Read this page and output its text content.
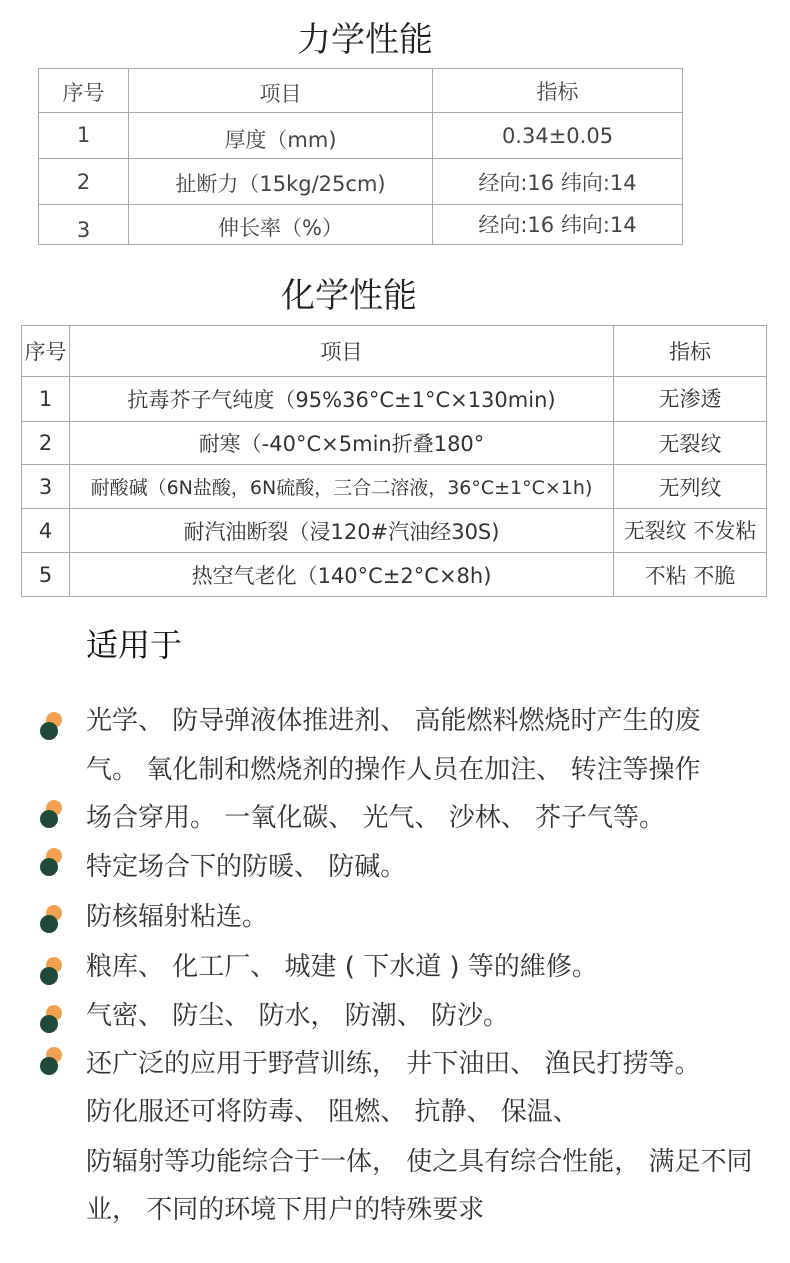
力学性能
序号	项目	指标
1	厚度（mm)	0.34±0.05
2	扯断力（15kg/25cm)	经向:16 纬向:14
3	伸长率（%）	经向:16 纬向:14
化学性能
序号	项目	指标
1	抗毒芥子气纯度（95%36°C±1°C×130min)	无渗透
2	耐寒（-40°C×5min折叠180°	无裂纹
3	耐酸碱（6N盐酸，6N硫酸，三合二溶液，36°C±1°C×1h)	无列纹
4	耐汽油断裂（浸120#汽油经30S)	无裂纹 不发粘
5	热空气老化（140°C±2°C×8h)	不粘 不脆
适用于

光学、 防导弹液体推进剂、 高能燃料燃烧时产生的废

气。 氧化制和燃烧剂的操作人员在加注、 转注等操作

场合穿用。 一氧化碳、 光气、 沙林、 芥子气等。

特定场合下的防暖、 防碱。

防核辐射粘连。

粮库、 化工厂、 城建 ( 下水道 ) 等的維修。

气密、 防尘、 防水， 防潮、 防沙。

还广泛的应用于野营训练， 井下油田、 渔民打捞等。

防化服还可将防毒、 阻燃、 抗静、 保温、

防辐射等功能综合于一体， 使之具有综合性能， 满足不同

业， 不同的环境下用户的特殊要求
